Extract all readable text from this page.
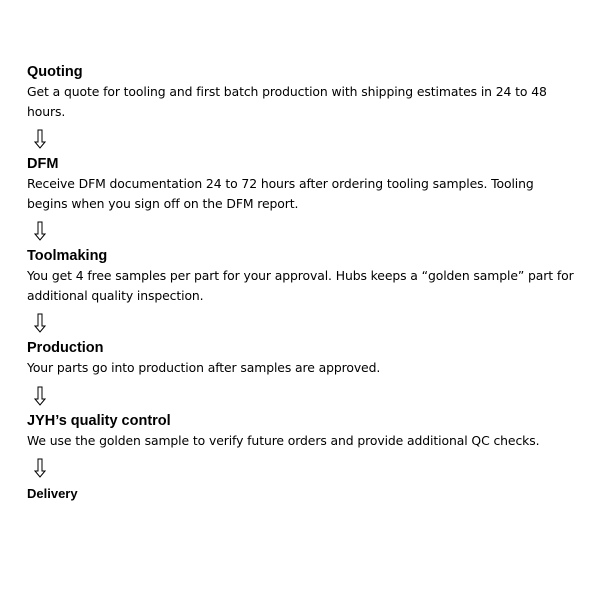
Quoting

Get a quote for tooling and first batch production with shipping estimates in 24 to 48 hours.

DFM

Receive DFM documentation 24 to 72 hours after ordering tooling samples. Tooling begins when you sign off on the DFM report.

Toolmaking

You get 4 free samples per part for your approval. Hubs keeps a “golden sample” part for additional quality inspection.

Production

Your parts go into production after samples are approved.

JYH’s quality control

We use the golden sample to verify future orders and provide additional QC checks.

Delivery
